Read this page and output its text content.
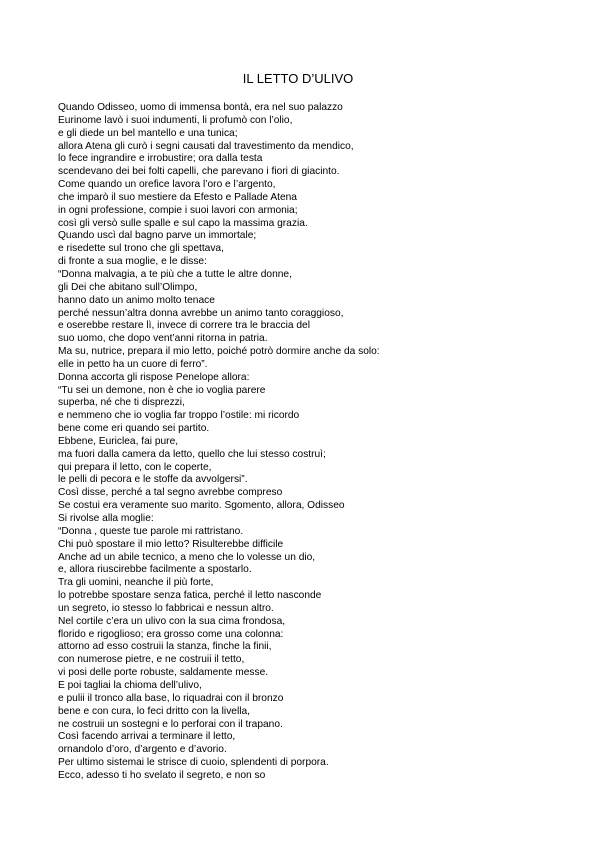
IL LETTO D’ULIVO
Quando Odisseo, uomo di immensa bontà, era nel suo palazzo
Eurinome lavò i suoi indumenti, li profumò con l’olio,
e gli diede un bel mantello e una tunica;
allora Atena gli curò i segni causati dal travestimento da mendico,
lo fece ingrandire e irrobustire; ora dalla testa
scendevano dei bei folti capelli, che parevano i fiori di giacinto.
Come quando un orefice lavora l’oro e l’argento,
che imparò il suo mestiere da Efesto e Pallade Atena
in ogni professione, compie i suoi lavori con armonia;
così gli versò sulle spalle e sul capo la massima grazia.
Quando uscì dal bagno parve un immortale;
e risedette sul trono che gli spettava,
di fronte a sua moglie, e le disse:
“Donna malvagia, a te più che a tutte le altre donne,
gli Dei che abitano sull’Olimpo,
hanno dato un animo molto tenace
perché nessun’altra donna avrebbe un animo tanto coraggioso,
e oserebbe restare lì, invece di correre tra le braccia del
suo uomo, che dopo vent’anni ritorna in patria.
Ma su, nutrice, prepara il mio letto, poiché potrò dormire anche da solo:
elle in petto ha un cuore di ferro”.
Donna accorta gli rispose Penelope allora:
“Tu sei un demone, non è che io voglia parere
superba, né che ti disprezzi,
e nemmeno che io voglia far troppo l’ostile: mi ricordo
bene come eri quando sei partito.
Ebbene, Euriclea, fai pure,
ma fuori dalla camera da letto, quello che lui stesso costruì;
qui prepara il letto, con le coperte,
le pelli di pecora e le stoffe da avvolgersi”.
Così disse, perché a tal segno avrebbe compreso
Se costui era veramente suo marito. Sgomento, allora, Odisseo
Si rivolse alla moglie:
“Donna , queste tue parole mi rattristano.
Chi può spostare il mio letto? Risulterebbe difficile
Anche ad un abile tecnico, a meno che lo volesse un dio,
e, allora riuscirebbe facilmente a spostarlo.
Tra gli uomini, neanche il più forte,
lo potrebbe spostare senza fatica, perché il letto nasconde
un segreto, io stesso lo fabbricai e nessun altro.
Nel cortile c’era un ulivo con la sua cima frondosa,
florido e rigoglioso; era grosso come una colonna:
attorno ad esso costruii la stanza, finche la finii,
con numerose pietre, e ne costruii il tetto,
vi posi delle porte robuste, saldamente messe.
E poi tagliai la chioma dell’ulivo,
e pulii il tronco alla base, lo riquadrai con il bronzo
bene e con cura, lo feci dritto con la livella,
ne costruii un sostegni e lo perforai con il trapano.
Così facendo arrivai a terminare il letto,
ornandolo d’oro, d’argento e d’avorio.
Per ultimo sistemai le strisce di cuoio, splendenti di porpora.
Ecco, adesso ti ho svelato il segreto, e non so
